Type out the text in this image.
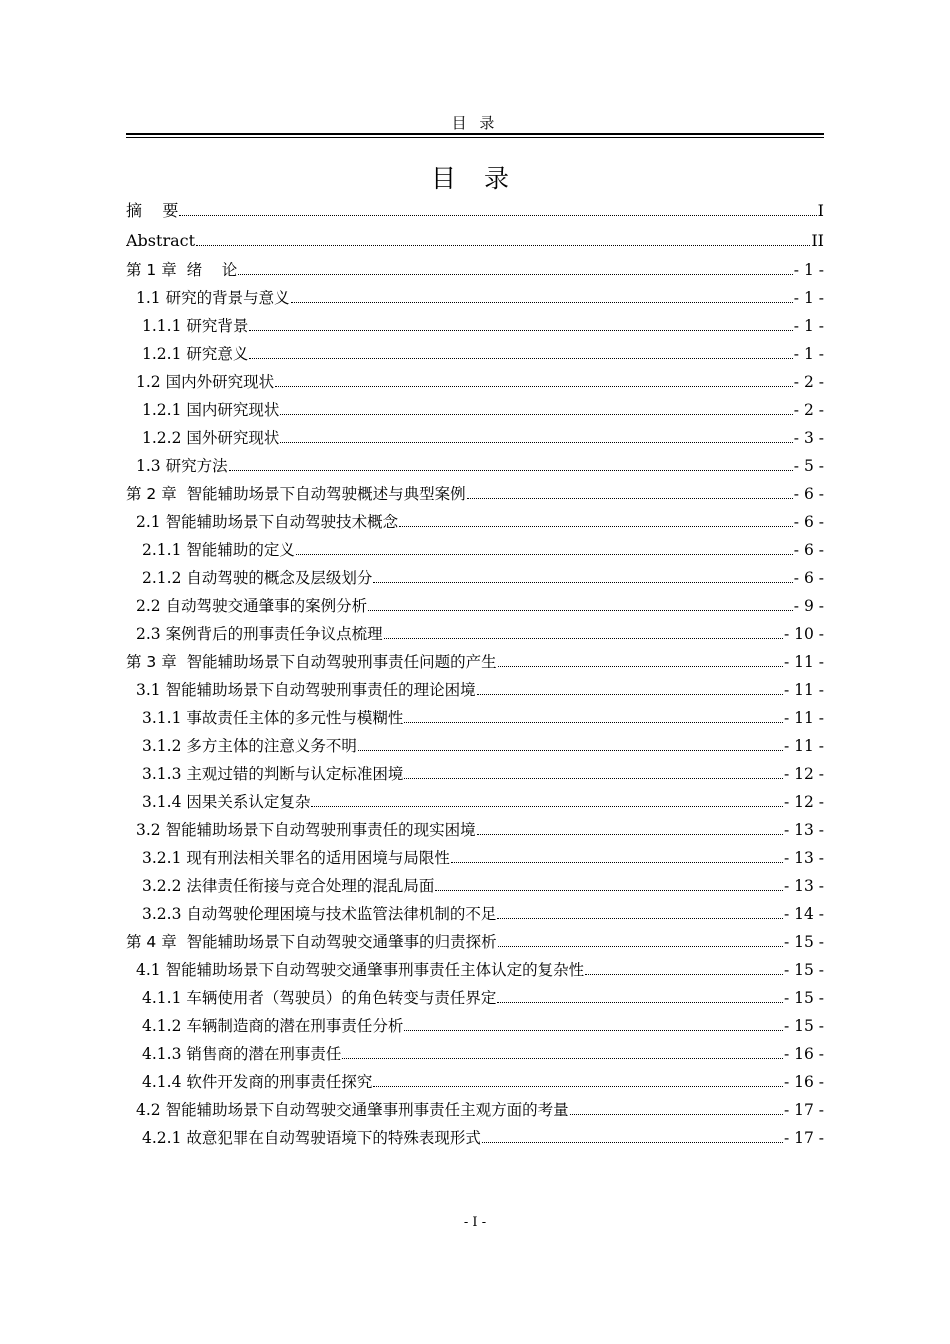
目 录
目 录
摘    要	I
Abstract	II
第 1 章  绪    论	- 1 -
1.1 研究的背景与意义	- 1 -
1.1.1 研究背景	- 1 -
1.2.1 研究意义	- 1 -
1.2 国内外研究现状	- 2 -
1.2.1 国内研究现状	- 2 -
1.2.2 国外研究现状	- 3 -
1.3 研究方法	- 5 -
第 2 章  智能辅助场景下自动驾驶概述与典型案例	- 6 -
2.1 智能辅助场景下自动驾驶技术概念	- 6 -
2.1.1 智能辅助的定义	- 6 -
2.1.2 自动驾驶的概念及层级划分	- 6 -
2.2 自动驾驶交通肇事的案例分析	- 9 -
2.3 案例背后的刑事责任争议点梳理	- 10 -
第 3 章  智能辅助场景下自动驾驶刑事责任问题的产生	- 11 -
3.1 智能辅助场景下自动驾驶刑事责任的理论困境	- 11 -
3.1.1 事故责任主体的多元性与模糊性	- 11 -
3.1.2 多方主体的注意义务不明	- 11 -
3.1.3 主观过错的判断与认定标准困境	- 12 -
3.1.4 因果关系认定复杂	- 12 -
3.2 智能辅助场景下自动驾驶刑事责任的现实困境	- 13 -
3.2.1 现有刑法相关罪名的适用困境与局限性	- 13 -
3.2.2 法律责任衔接与竞合处理的混乱局面	- 13 -
3.2.3 自动驾驶伦理困境与技术监管法律机制的不足	- 14 -
第 4 章  智能辅助场景下自动驾驶交通肇事的归责探析	- 15 -
4.1 智能辅助场景下自动驾驶交通肇事刑事责任主体认定的复杂性	- 15 -
4.1.1 车辆使用者（驾驶员）的角色转变与责任界定	- 15 -
4.1.2 车辆制造商的潜在刑事责任分析	- 15 -
4.1.3 销售商的潜在刑事责任	- 16 -
4.1.4 软件开发商的刑事责任探究	- 16 -
4.2 智能辅助场景下自动驾驶交通肇事刑事责任主观方面的考量	- 17 -
4.2.1 故意犯罪在自动驾驶语境下的特殊表现形式	- 17 -
- I -
